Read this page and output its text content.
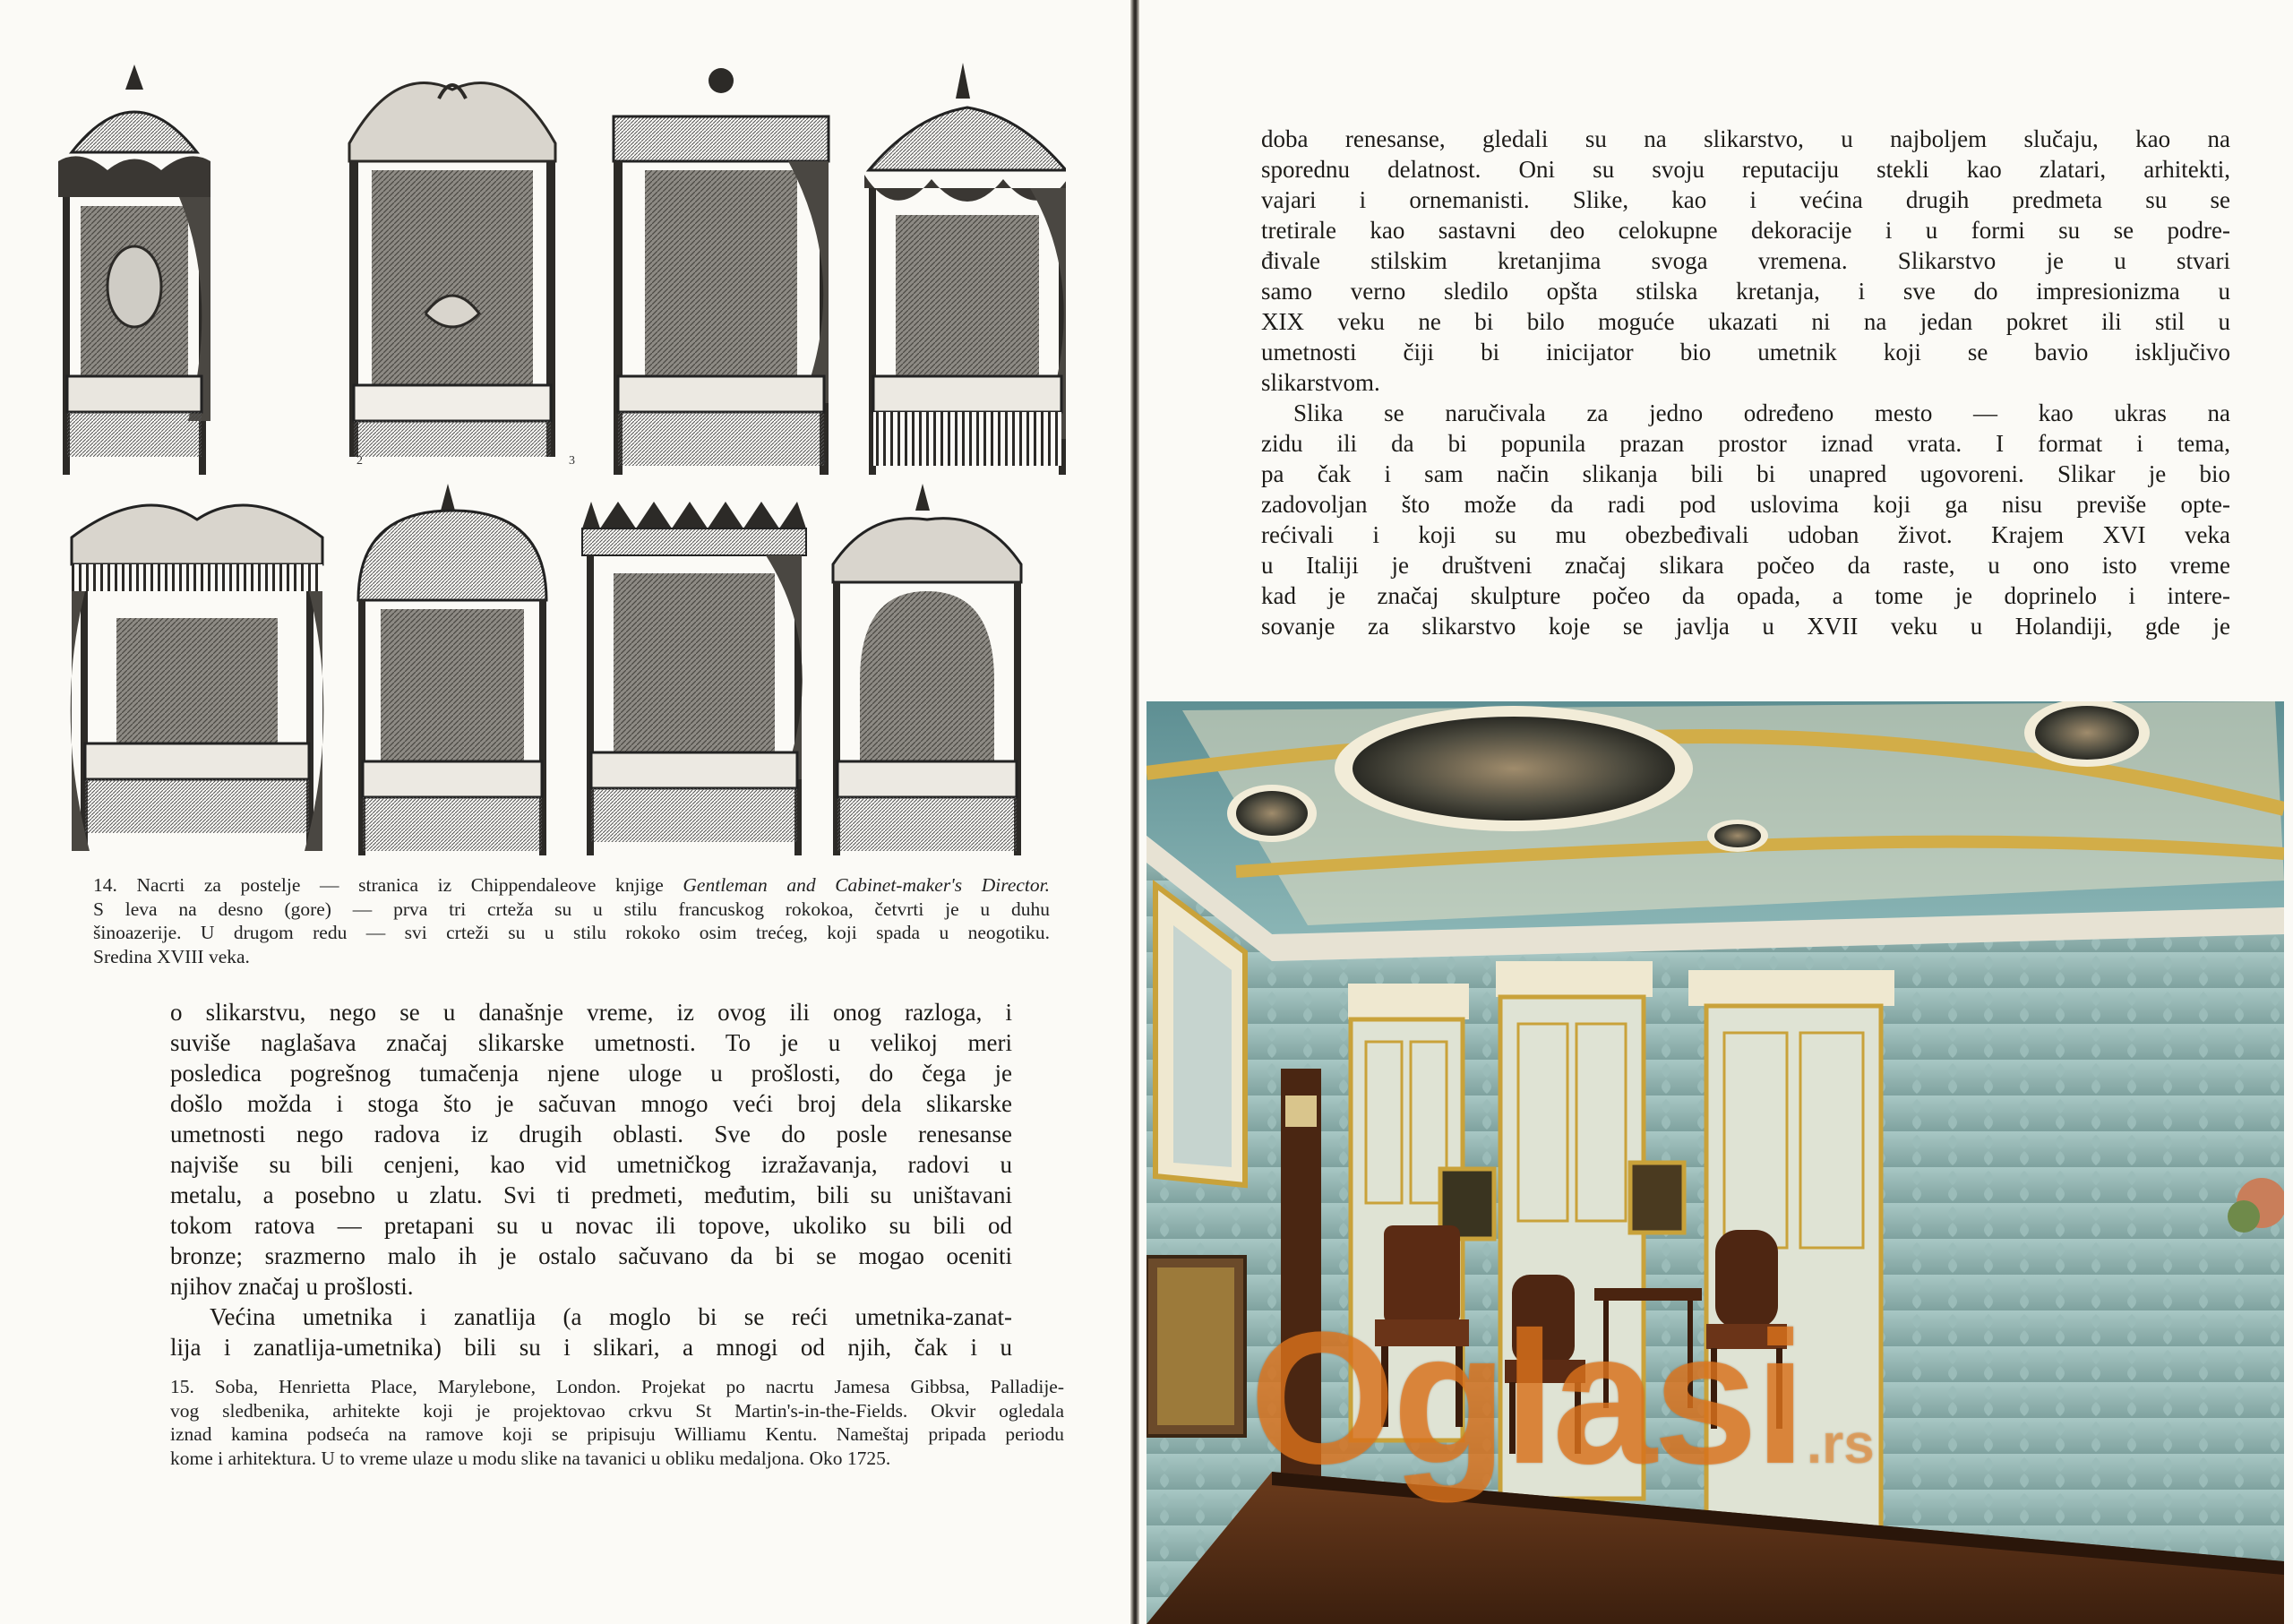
2	3	4
14. Nacrti za postelje — stranica iz Chippendaleove knjige Gentleman and Cabinet-maker's Director.
S leva na desno (gore) — prva tri crteža su u stilu francuskog rokokoa, četvrti je u duhu
šinoazerije. U drugom redu — svi crteži su u stilu rokoko osim trećeg, koji spada u neogotiku.
Sredina XVIII veka.
o slikarstvu, nego se u današnje vreme, iz ovog ili onog razloga, i
suviše naglašava značaj slikarske umetnosti. To je u velikoj meri
posledica pogrešnog tumačenja njene uloge u prošlosti, do čega je
došlo možda i stoga što je sačuvan mnogo veći broj dela slikarske
umetnosti nego radova iz drugih oblasti. Sve do posle renesanse
najviše su bili cenjeni, kao vid umetničkog izražavanja, radovi u
metalu, a posebno u zlatu. Svi ti predmeti, međutim, bili su uništavani
tokom ratova — pretapani su u novac ili topove, ukoliko su bili od
bronze; srazmerno malo ih je ostalo sačuvano da bi se mogao oceniti
njihov značaj u prošlosti.
Većina umetnika i zanatlija (a moglo bi se reći umetnika-zanat-
lija i zanatlija-umetnika) bili su i slikari, a mnogi od njih, čak i u
15. Soba, Henrietta Place, Marylebone, London. Projekat po nacrtu Jamesa Gibbsa, Palladije-
vog sledbenika, arhitekte koji je projektovao crkvu St Martin's-in-the-Fields. Okvir ogledala
iznad kamina podseća na ramove koji se pripisuju Williamu Kentu. Nameštaj pripada periodu
kome i arhitektura. U to vreme ulaze u modu slike na tavanici u obliku medaljona. Oko 1725.
doba renesanse, gledali su na slikarstvo, u najboljem slučaju, kao na
sporednu delatnost. Oni su svoju reputaciju stekli kao zlatari, arhitekti,
vajari i ornemanisti. Slike, kao i većina drugih predmeta su se
tretirale kao sastavni deo celokupne dekoracije i u formi su se podre-
đivale stilskim kretanjima svoga vremena. Slikarstvo je u stvari
samo verno sledilo opšta stilska kretanja, i sve do impresionizma u
XIX veku ne bi bilo moguće ukazati ni na jedan pokret ili stil u
umetnosti čiji bi inicijator bio umetnik koji se bavio isključivo
slikarstvom.
Slika se naručivala za jedno određeno mesto — kao ukras na
zidu ili da bi popunila prazan prostor iznad vrata. I format i tema,
pa čak i sam način slikanja bili bi unapred ugovoreni. Slikar je bio
zadovoljan što može da radi pod uslovima koji ga nisu previše opte-
rećivali i koji su mu obezbeđivali udoban život. Krajem XVI veka
u Italiji je društveni značaj slikara počeo da raste, u ono isto vreme
kad je značaj skulpture počeo da opada, a tome je doprinelo i intere-
sovanje za slikarstvo koje se javlja u XVII veku u Holandiji, gde je
Oglasi.rs
